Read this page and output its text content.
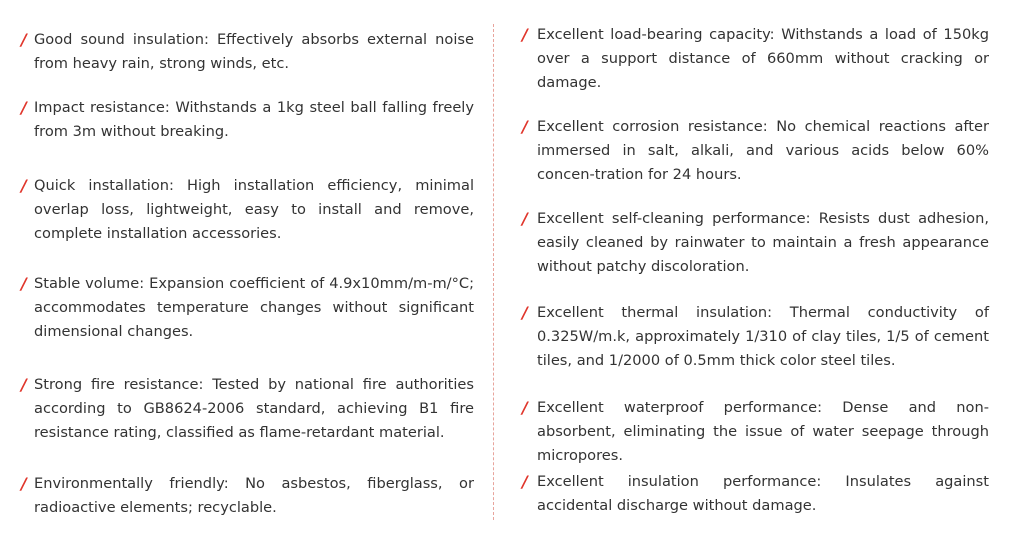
/ Good sound insulation: Effectively absorbs external noise from heavy rain, strong winds, etc.
/ Impact resistance: Withstands a 1kg steel ball falling freely from 3m without breaking.
/ Quick installation: High installation efficiency, minimal overlap loss, lightweight, easy to install and remove, complete installation accessories.
/ Stable volume: Expansion coefficient of 4.9x10mm/m-m/°C; accommodates temperature changes without significant dimensional changes.
/ Strong fire resistance: Tested by national fire authorities according to GB8624-2006 standard, achieving B1 fire resistance rating, classified as flame-retardant material.
/ Environmentally friendly: No asbestos, fiberglass, or radioactive elements; recyclable.
/ Excellent load-bearing capacity: Withstands a load of 150kg over a support distance of 660mm without cracking or damage.
/ Excellent corrosion resistance: No chemical reactions after immersed in salt, alkali, and various acids below 60% concen-tration for 24 hours.
/ Excellent self-cleaning performance: Resists dust adhesion, easily cleaned by rainwater to maintain a fresh appearance without patchy discoloration.
/ Excellent thermal insulation: Thermal conductivity of 0.325W/m.k, approximately 1/310 of clay tiles, 1/5 of cement tiles, and 1/2000 of 0.5mm thick color steel tiles.
/ Excellent waterproof performance: Dense and non-absorbent, eliminating the issue of water seepage through micropores.
/ Excellent insulation performance: Insulates against accidental discharge without damage.
